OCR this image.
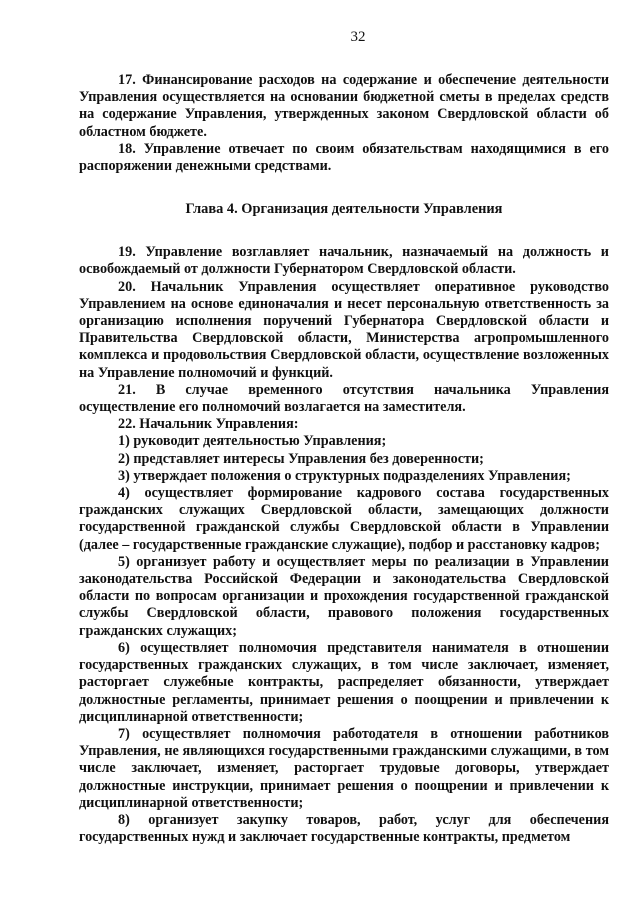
32

17. Финансирование расходов на содержание и обеспечение деятельности Управления осуществляется на основании бюджетной сметы в пределах средств на содержание Управления, утвержденных законом Свердловской области об областном бюджете.

18. Управление отвечает по своим обязательствам находящимися в его распоряжении денежными средствами.

Глава 4. Организация деятельности Управления

19. Управление возглавляет начальник, назначаемый на должность и освобождаемый от должности Губернатором Свердловской области.

20. Начальник Управления осуществляет оперативное руководство Управлением на основе единоначалия и несет персональную ответственность за организацию исполнения поручений Губернатора Свердловской области и Правительства Свердловской области, Министерства агропромышленного комплекса и продовольствия Свердловской области, осуществление возложенных на Управление полномочий и функций.

21. В случае временного отсутствия начальника Управления осуществление его полномочий возлагается на заместителя.

22. Начальник Управления:

1) руководит деятельностью Управления;

2) представляет интересы Управления без доверенности;

3) утверждает положения о структурных подразделениях Управления;

4) осуществляет формирование кадрового состава государственных гражданских служащих Свердловской области, замещающих должности государственной гражданской службы Свердловской области в Управлении (далее – государственные гражданские служащие), подбор и расстановку кадров;

5) организует работу и осуществляет меры по реализации в Управлении законодательства Российской Федерации и законодательства Свердловской области по вопросам организации и прохождения государственной гражданской службы Свердловской области, правового положения государственных гражданских служащих;

6) осуществляет полномочия представителя нанимателя в отношении государственных гражданских служащих, в том числе заключает, изменяет, расторгает служебные контракты, распределяет обязанности, утверждает должностные регламенты, принимает решения о поощрении и привлечении к дисциплинарной ответственности;

7) осуществляет полномочия работодателя в отношении работников Управления, не являющихся государственными гражданскими служащими, в том числе заключает, изменяет, расторгает трудовые договоры, утверждает должностные инструкции, принимает решения о поощрении и привлечении к дисциплинарной ответственности;

8) организует закупку товаров, работ, услуг для обеспечения государственных нужд и заключает государственные контракты, предметом
